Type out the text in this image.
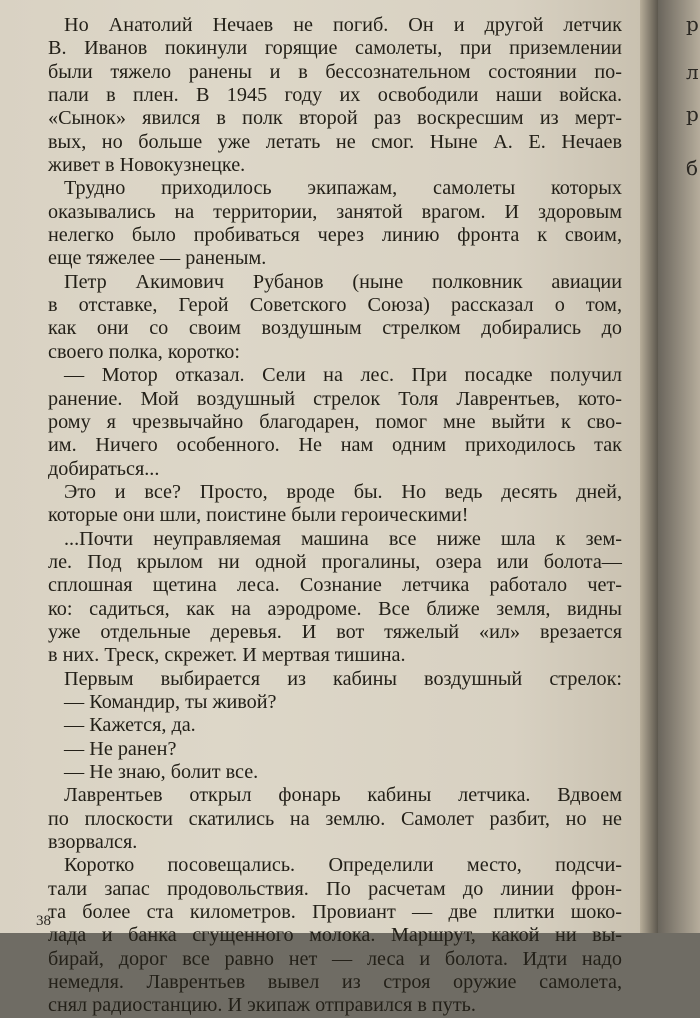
Но Анатолий Нечаев не погиб. Он и другой летчик
В. Иванов покинули горящие самолеты, при приземлении
были тяжело ранены и в бессознательном состоянии по-
пали в плен. В 1945 году их освободили наши войска.
«Сынок» явился в полк второй раз воскресшим из мерт-
вых, но больше уже летать не смог. Ныне А. Е. Нечаев
живет в Новокузнецке.
Трудно приходилось экипажам, самолеты которых
оказывались на территории, занятой врагом. И здоровым
нелегко было пробиваться через линию фронта к своим,
еще тяжелее — раненым.
Петр Акимович Рубанов (ныне полковник авиации
в отставке, Герой Советского Союза) рассказал о том,
как они со своим воздушным стрелком добирались до
своего полка, коротко:
— Мотор отказал. Сели на лес. При посадке получил
ранение. Мой воздушный стрелок Толя Лаврентьев, кото-
рому я чрезвычайно благодарен, помог мне выйти к сво-
им. Ничего особенного. Не нам одним приходилось так
добираться...
Это и все? Просто, вроде бы. Но ведь десять дней,
которые они шли, поистине были героическими!
...Почти неуправляемая машина все ниже шла к зем-
ле. Под крылом ни одной прогалины, озера или болота—
сплошная щетина леса. Сознание летчика работало чет-
ко: садиться, как на аэродроме. Все ближе земля, видны
уже отдельные деревья. И вот тяжелый «ил» врезается
в них. Треск, скрежет. И мертвая тишина.
Первым выбирается из кабины воздушный стрелок:
— Командир, ты живой?
— Кажется, да.
— Не ранен?
— Не знаю, болит все.
Лаврентьев открыл фонарь кабины летчика. Вдвоем
по плоскости скатились на землю. Самолет разбит, но не
взорвался.
Коротко посовещались. Определили место, подсчи-
тали запас продовольствия. По расчетам до линии фрон-
та более ста километров. Провиант — две плитки шоко-
лада и банка сгущенного молока. Маршрут, какой ни вы-
бирай, дорог все равно нет — леса и болота. Идти надо
немедля. Лаврентьев вывел из строя оружие самолета,
снял радиостанцию. И экипаж отправился в путь.
38
р
л
р
б
